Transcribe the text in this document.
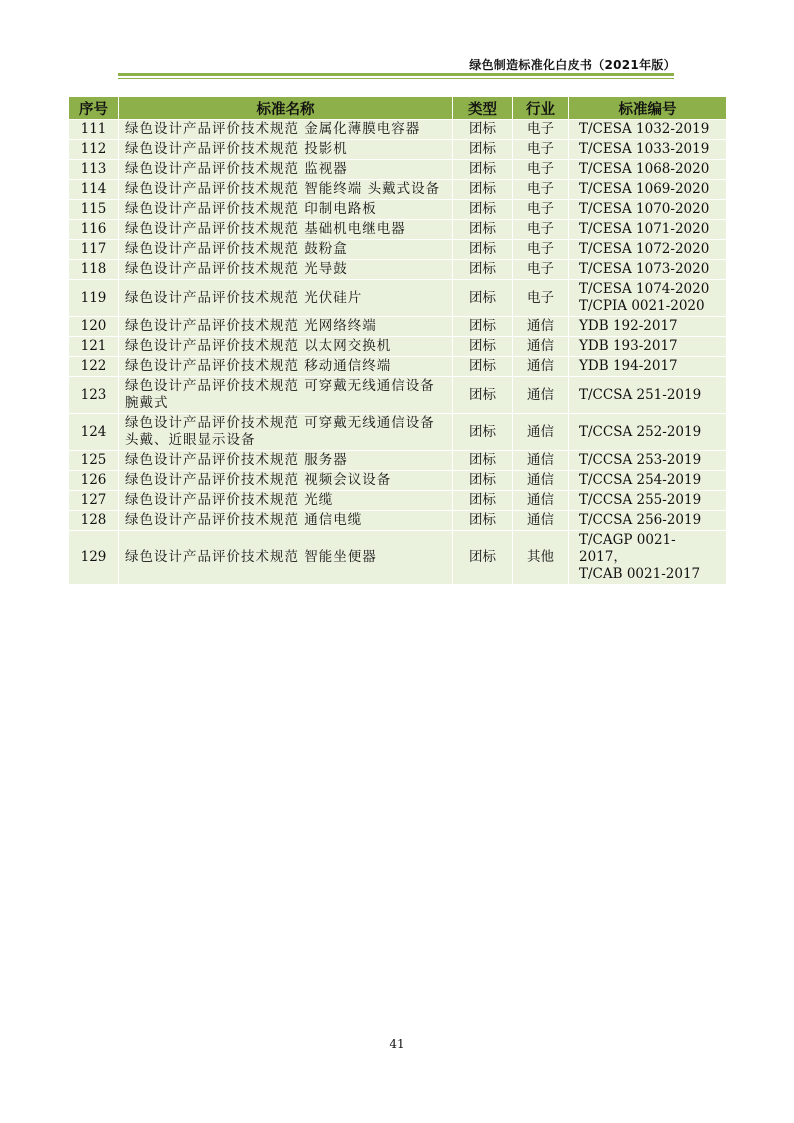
绿色制造标准化白皮书（2021年版）
序号	标准名称	类型	行业	标准编号
111	绿色设计产品评价技术规范 金属化薄膜电容器	团标	电子	T/CESA 1032-2019

112	绿色设计产品评价技术规范 投影机	团标	电子	T/CESA 1033-2019

113	绿色设计产品评价技术规范 监视器	团标	电子	T/CESA 1068-2020

114	绿色设计产品评价技术规范 智能终端 头戴式设备	团标	电子	T/CESA 1069-2020

115	绿色设计产品评价技术规范 印制电路板	团标	电子	T/CESA 1070-2020

116	绿色设计产品评价技术规范 基础机电继电器	团标	电子	T/CESA 1071-2020

117	绿色设计产品评价技术规范 鼓粉盒	团标	电子	T/CESA 1072-2020

118	绿色设计产品评价技术规范 光导鼓	团标	电子	T/CESA 1073-2020

119	绿色设计产品评价技术规范 光伏硅片	团标	电子	T/CESA 1074-2020
T/CPIA 0021-2020

120	绿色设计产品评价技术规范 光网络终端	团标	通信	YDB 192-2017

121	绿色设计产品评价技术规范 以太网交换机	团标	通信	YDB 193-2017

122	绿色设计产品评价技术规范 移动通信终端	团标	通信	YDB 194-2017

123	绿色设计产品评价技术规范 可穿戴无线通信设备 腕戴式	团标	通信	T/CCSA 251-2019

124	绿色设计产品评价技术规范 可穿戴无线通信设备 头戴、近眼显示设备	团标	通信	T/CCSA 252-2019

125	绿色设计产品评价技术规范 服务器	团标	通信	T/CCSA 253-2019

126	绿色设计产品评价技术规范 视频会议设备	团标	通信	T/CCSA 254-2019

127	绿色设计产品评价技术规范 光缆	团标	通信	T/CCSA 255-2019

128	绿色设计产品评价技术规范 通信电缆	团标	通信	T/CCSA 256-2019

129	绿色设计产品评价技术规范 智能坐便器	团标	其他	T/CAGP 0021-2017，
T/CAB 0021-2017
41
